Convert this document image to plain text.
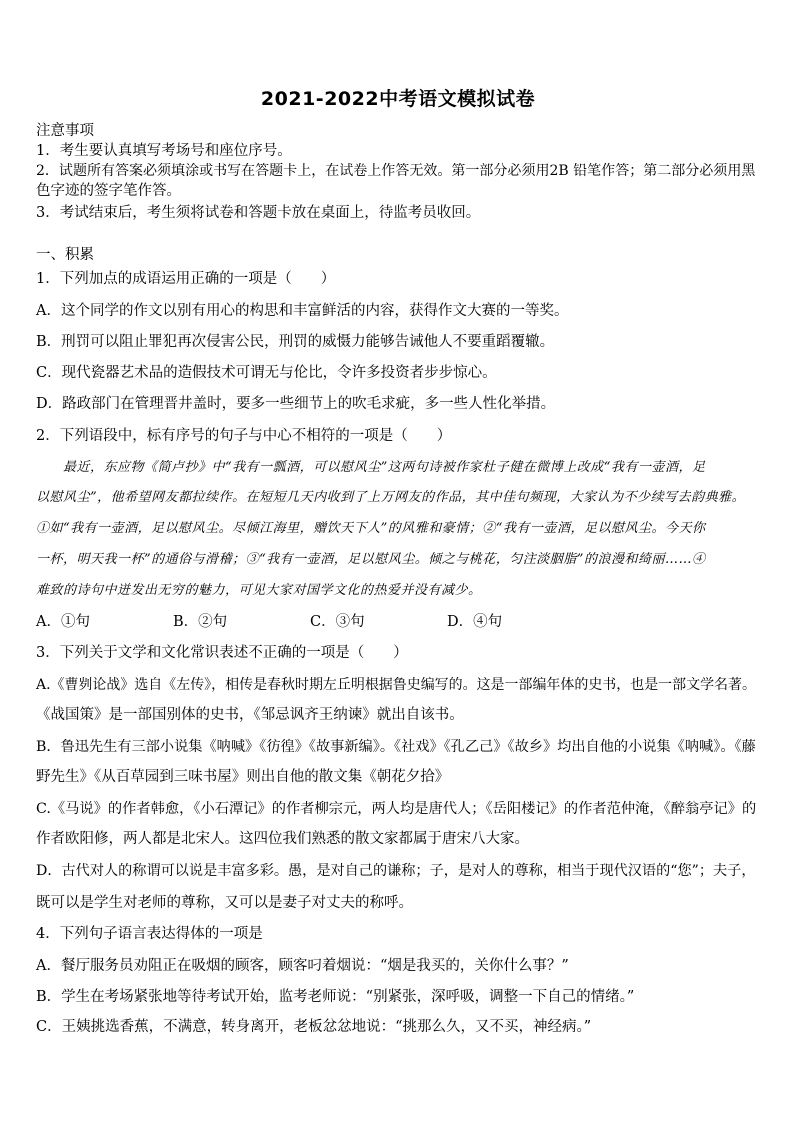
2021-2022中考语文模拟试卷
注意事项
1．考生要认真填写考场号和座位序号。
2．试题所有答案必须填涂或书写在答题卡上，在试卷上作答无效。第一部分必须用2B 铅笔作答；第二部分必须用黑
色字迹的签字笔作答。
3．考试结束后，考生须将试卷和答题卡放在桌面上，待监考员收回。
一、积累
1．下列加点的成语运用正确的一项是（　　）
A．这个同学的作文以别有用心的构思和丰富鲜活的内容，获得作文大赛的一等奖。
B．刑罚可以阻止罪犯再次侵害公民，刑罚的威慑力能够告诫他人不要重蹈覆辙。
C．现代瓷器艺术品的造假技术可谓无与伦比，令许多投资者步步惊心。
D．路政部门在管理晋井盖时，要多一些细节上的吹毛求疵，多一些人性化举措。
2．下列语段中，标有序号的句子与中心不相符的一项是（　　）
　　最近，东应物《简卢抄》中“我有一瓢酒，可以慰风尘”这两句诗被作家杜子健在微博上改成“我有一壶酒，足
以慰风尘”，他希望网友都拉续作。在短短几天内收到了上万网友的作品，其中佳句频现，大家认为不少续写去韵典雅。
①如“我有一壶酒，足以慰风尘。尽倾江海里，赠饮天下人”的风雅和豪情；②“我有一壶酒，足以慰风尘。今天你
一杯，明天我一杯”的通俗与滑稽；③“我有一壶酒，足以慰风尘。倾之与桃花，匀注淡胭脂”的浪漫和绮丽……④
难致的诗句中迸发出无穷的魅力，可见大家对国学文化的热爱并没有减少。
A．①句	B．②句	C．③句	D．④句
3．下列关于文学和文化常识表述不正确的一项是（　　）
A.《曹刿论战》选自《左传》，相传是春秋时期左丘明根据鲁史编写的。这是一部编年体的史书，也是一部文学名著。
《战国策》是一部国别体的史书，《邹忌讽齐王纳谏》就出自该书。
B．鲁迅先生有三部小说集《呐喊》《彷徨》《故事新编》。《社戏》《孔乙己》《故乡》均出自他的小说集《呐喊》。《藤
野先生》《从百草园到三味书屋》则出自他的散文集《朝花夕拾》
C.《马说》的作者韩愈，《小石潭记》的作者柳宗元，两人均是唐代人；《岳阳楼记》的作者范仲淹，《醉翁亭记》的
作者欧阳修，两人都是北宋人。这四位我们熟悉的散文家都属于唐宋八大家。
D．古代对人的称谓可以说是丰富多彩。愚，是对自己的谦称；子，是对人的尊称，相当于现代汉语的“您”；夫子，
既可以是学生对老师的尊称，又可以是妻子对丈夫的称呼。
4．下列句子语言表达得体的一项是
A．餐厅服务员劝阻正在吸烟的顾客，顾客叼着烟说：“烟是我买的，关你什么事？”
B．学生在考场紧张地等待考试开始，监考老师说：“别紧张，深呼吸，调整一下自己的情绪。”
C．王姨挑选香蕉，不满意，转身离开，老板忿忿地说：“挑那么久，又不买，神经病。”
